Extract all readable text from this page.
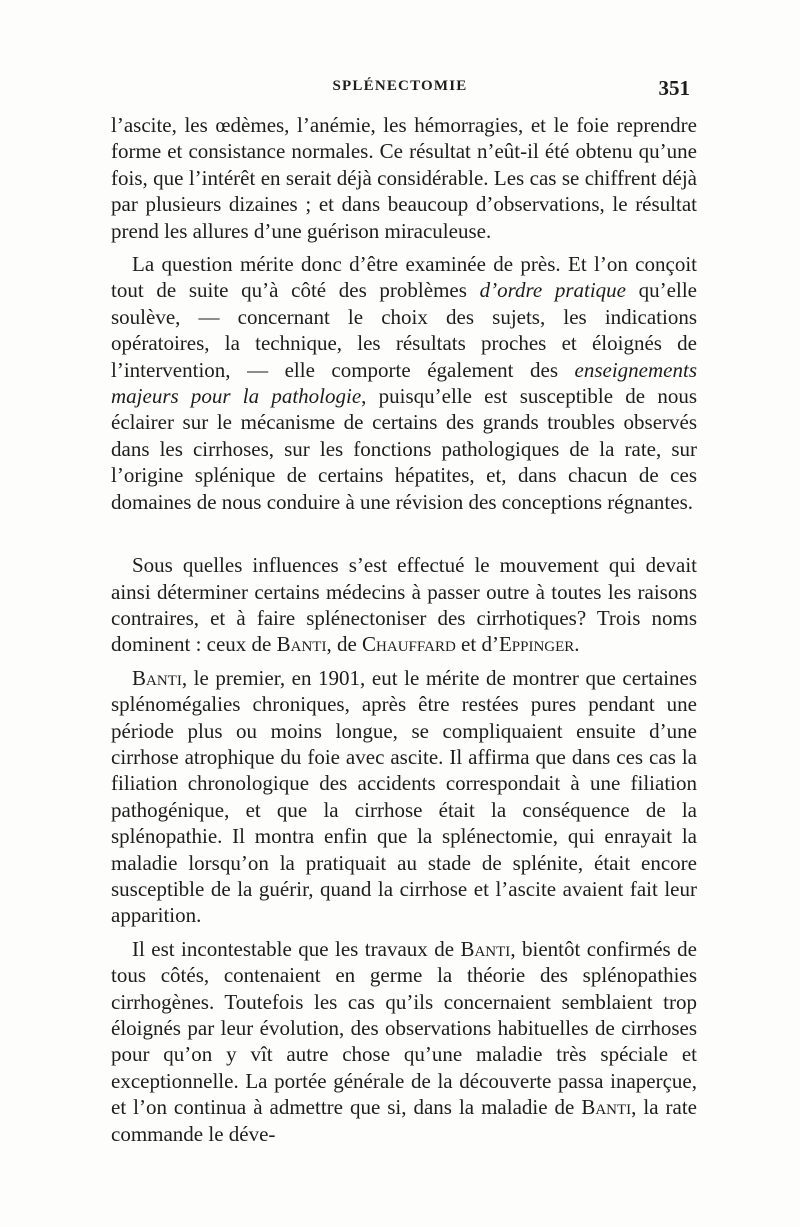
SPLÉNECTOMIE	351

l’ascite, les œdèmes, l’anémie, les hémorragies, et le foie reprendre forme et consistance normales. Ce résultat n’eût-il été obtenu qu’une fois, que l’intérêt en serait déjà considérable. Les cas se chiffrent déjà par plusieurs dizaines ; et dans beaucoup d’observations, le résultat prend les allures d’une guérison miraculeuse.

La question mérite donc d’être examinée de près. Et l’on conçoit tout de suite qu’à côté des problèmes d’ordre pratique qu’elle soulève, — concernant le choix des sujets, les indications opératoires, la technique, les résultats proches et éloignés de l’intervention, — elle comporte également des enseignements majeurs pour la pathologie, puisqu’elle est susceptible de nous éclairer sur le mécanisme de certains des grands troubles observés dans les cirrhoses, sur les fonctions pathologiques de la rate, sur l’origine splénique de certains hépatites, et, dans chacun de ces domaines de nous conduire à une révision des conceptions régnantes.

Sous quelles influences s’est effectué le mouvement qui devait ainsi déterminer certains médecins à passer outre à toutes les raisons contraires, et à faire splénectoniser des cirrhotiques? Trois noms dominent : ceux de Banti, de Chauffard et d’Eppinger.

Banti, le premier, en 1901, eut le mérite de montrer que certaines splénomégalies chroniques, après être restées pures pendant une période plus ou moins longue, se compliquaient ensuite d’une cirrhose atrophique du foie avec ascite. Il affirma que dans ces cas la filiation chronologique des accidents correspondait à une filiation pathogénique, et que la cirrhose était la conséquence de la splénopathie. Il montra enfin que la splénectomie, qui enrayait la maladie lorsqu’on la pratiquait au stade de splénite, était encore susceptible de la guérir, quand la cirrhose et l’ascite avaient fait leur apparition.

Il est incontestable que les travaux de Banti, bientôt confirmés de tous côtés, contenaient en germe la théorie des splénopathies cirrhogènes. Toutefois les cas qu’ils concernaient semblaient trop éloignés par leur évolution, des observations habituelles de cirrhoses pour qu’on y vît autre chose qu’une maladie très spéciale et exceptionnelle. La portée générale de la découverte passa inaperçue, et l’on continua à admettre que si, dans la maladie de Banti, la rate commande le déve-
